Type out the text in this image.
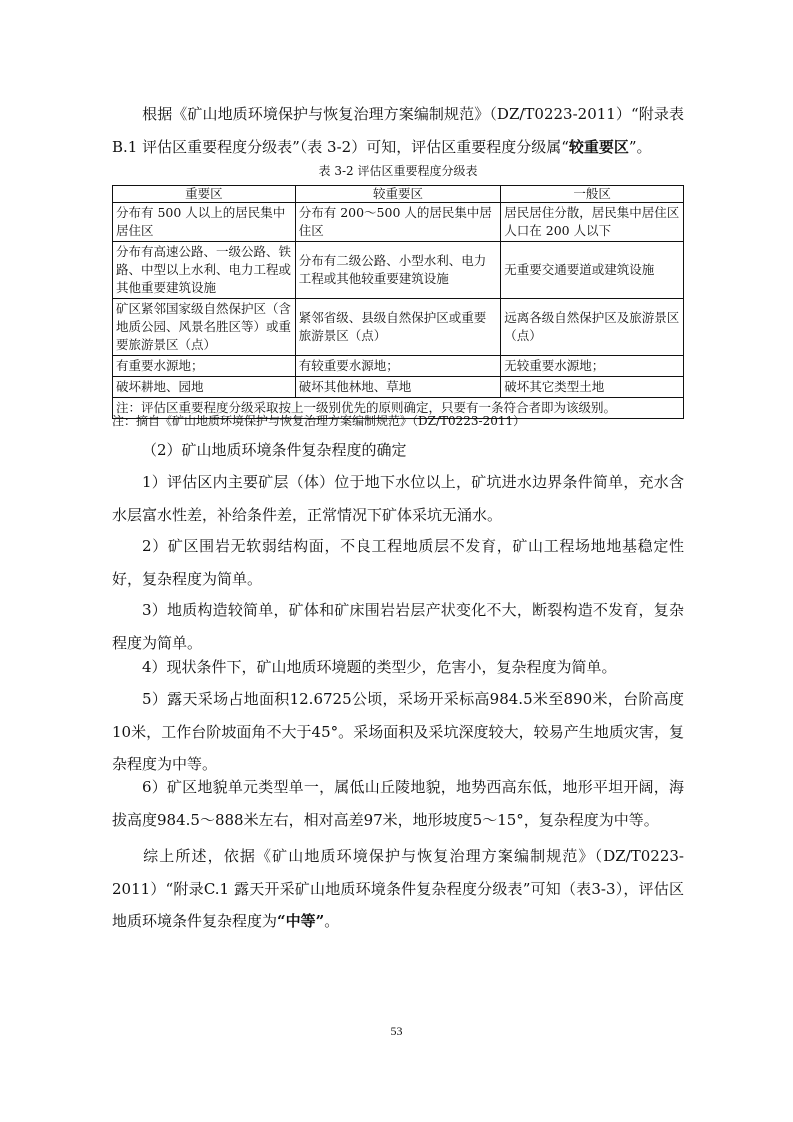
根据《矿山地质环境保护与恢复治理方案编制规范》（DZ/T0223-2011）“附录表B.1 评估区重要程度分级表”（表 3-2）可知，评估区重要程度分级属“较重要区”。

表 3-2 评估区重要程度分级表
重要区	较重要区	一般区
分布有 500 人以上的居民集中居住区	分布有 200～500 人的居民集中居住区	居民居住分散，居民集中居住区人口在 200 人以下
分布有高速公路、一级公路、铁路、中型以上水利、电力工程或其他重要建筑设施	分布有二级公路、小型水利、电力工程或其他较重要建筑设施	无重要交通要道或建筑设施
矿区紧邻国家级自然保护区（含地质公园、风景名胜区等）或重要旅游景区（点）	紧邻省级、县级自然保护区或重要旅游景区（点）	远离各级自然保护区及旅游景区（点）
有重要水源地；	有较重要水源地；	无较重要水源地；
破坏耕地、园地	破坏其他林地、草地	破坏其它类型土地
注：评估区重要程度分级采取按上一级别优先的原则确定，只要有一条符合者即为该级别。		
注：摘自《矿山地质环境保护与恢复治理方案编制规范》（DZ/T0223-2011）

（2）矿山地质环境条件复杂程度的确定

1）评估区内主要矿层（体）位于地下水位以上，矿坑进水边界条件简单，充水含水层富水性差，补给条件差，正常情况下矿体采坑无涌水。

2）矿区围岩无软弱结构面，不良工程地质层不发育，矿山工程场地地基稳定性好，复杂程度为简单。

3）地质构造较简单，矿体和矿床围岩岩层产状变化不大，断裂构造不发育，复杂程度为简单。

4）现状条件下，矿山地质环境题的类型少，危害小，复杂程度为简单。

5）露天采场占地面积12.6725公顷，采场开采标高984.5米至890米，台阶高度10米，工作台阶坡面角不大于45°。采场面积及采坑深度较大，较易产生地质灾害，复杂程度为中等。

6）矿区地貌单元类型单一，属低山丘陵地貌，地势西高东低，地形平坦开阔，海拔高度984.5～888米左右，相对高差97米，地形坡度5～15°，复杂程度为中等。

综上所述，依据《矿山地质环境保护与恢复治理方案编制规范》（DZ/T0223-2011）“附录C.1 露天开采矿山地质环境条件复杂程度分级表”可知（表3-3），评估区地质环境条件复杂程度为“中等”。

53
